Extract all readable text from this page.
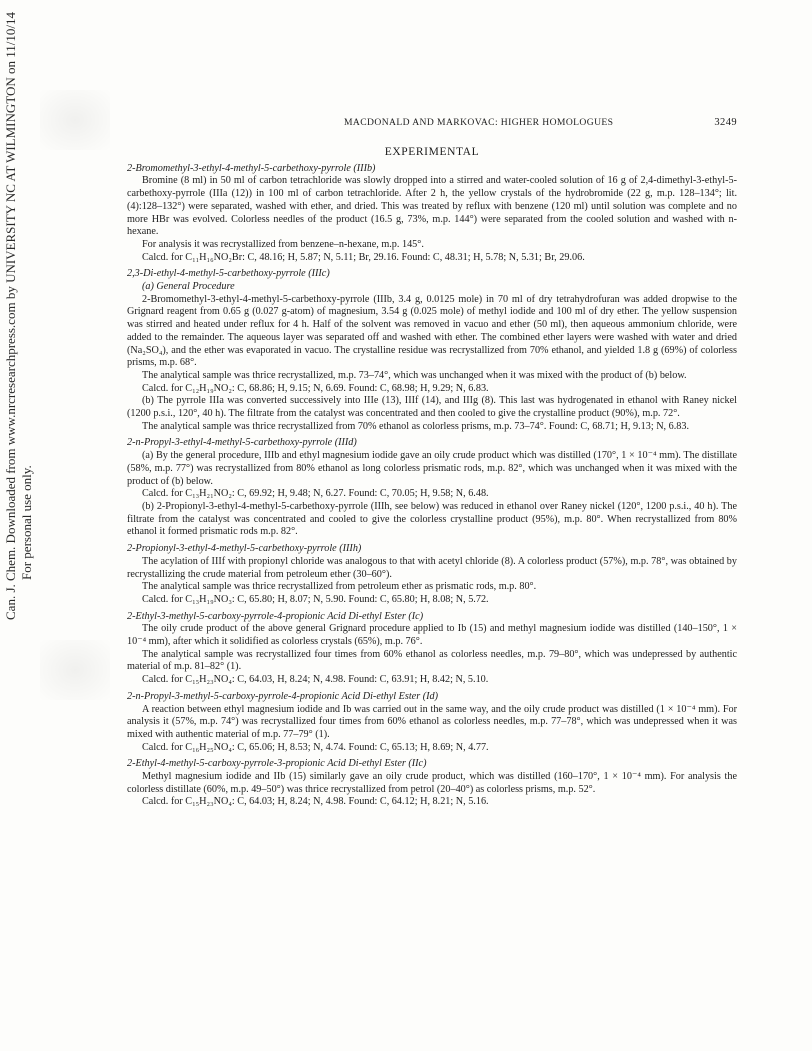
Can. J. Chem. Downloaded from www.nrcresearchpress.com by UNIVERSITY NC AT WILMINGTON on 11/10/14 For personal use only.
MACDONALD AND MARKOVAC: HIGHER HOMOLOGUES	3249
EXPERIMENTAL
2-Bromomethyl-3-ethyl-4-methyl-5-carbethoxy-pyrrole (IIIb)

Bromine (8 ml) in 50 ml of carbon tetrachloride was slowly dropped into a stirred and water-cooled solution of 16 g of 2,4-dimethyl-3-ethyl-5-carbethoxy-pyrrole (IIIa (12)) in 100 ml of carbon tetrachloride. After 2 h, the yellow crystals of the hydrobromide (22 g, m.p. 128–134°; lit. (4):128–132°) were separated, washed with ether, and dried. This was treated by reflux with benzene (120 ml) until solution was complete and no more HBr was evolved. Colorless needles of the product (16.5 g, 73%, m.p. 144°) were separated from the cooled solution and washed with n-hexane.

For analysis it was recrystallized from benzene–n-hexane, m.p. 145°.

Calcd. for C₁₁H₁₆NO₂Br: C, 48.16; H, 5.87; N, 5.11; Br, 29.16. Found: C, 48.31; H, 5.78; N, 5.31; Br, 29.06.

2,3-Di-ethyl-4-methyl-5-carbethoxy-pyrrole (IIIc)

(a) General Procedure

2-Bromomethyl-3-ethyl-4-methyl-5-carbethoxy-pyrrole (IIIb, 3.4 g, 0.0125 mole) in 70 ml of dry tetrahydrofuran was added dropwise to the Grignard reagent from 0.65 g (0.027 g-atom) of magnesium, 3.54 g (0.025 mole) of methyl iodide and 100 ml of dry ether. The yellow suspension was stirred and heated under reflux for 4 h. Half of the solvent was removed in vacuo and ether (50 ml), then aqueous ammonium chloride, were added to the remainder. The aqueous layer was separated off and washed with ether. The combined ether layers were washed with water and dried (Na₂SO₄), and the ether was evaporated in vacuo. The crystalline residue was recrystallized from 70% ethanol, and yielded 1.8 g (69%) of colorless prisms, m.p. 68°.

The analytical sample was thrice recrystallized, m.p. 73–74°, which was unchanged when it was mixed with the product of (b) below.

Calcd. for C₁₂H₁₉NO₂: C, 68.86; H, 9.15; N, 6.69. Found: C, 68.98; H, 9.29; N, 6.83.

(b) The pyrrole IIIa was converted successively into IIIe (13), IIIf (14), and IIIg (8). This last was hydrogenated in ethanol with Raney nickel (1200 p.s.i., 120°, 40 h). The filtrate from the catalyst was concentrated and then cooled to give the crystalline product (90%), m.p. 72°.

The analytical sample was thrice recrystallized from 70% ethanol as colorless prisms, m.p. 73–74°. Found: C, 68.71; H, 9.13; N, 6.83.

2-n-Propyl-3-ethyl-4-methyl-5-carbethoxy-pyrrole (IIId)

(a) By the general procedure, IIIb and ethyl magnesium iodide gave an oily crude product which was distilled (170°, 1 × 10⁻⁴ mm). The distillate (58%, m.p. 77°) was recrystallized from 80% ethanol as long colorless prismatic rods, m.p. 82°, which was unchanged when it was mixed with the product of (b) below.

Calcd. for C₁₃H₂₁NO₂: C, 69.92; H, 9.48; N, 6.27. Found: C, 70.05; H, 9.58; N, 6.48.

(b) 2-Propionyl-3-ethyl-4-methyl-5-carbethoxy-pyrrole (IIIh, see below) was reduced in ethanol over Raney nickel (120°, 1200 p.s.i., 40 h). The filtrate from the catalyst was concentrated and cooled to give the colorless crystalline product (95%), m.p. 80°. When recrystallized from 80% ethanol it formed prismatic rods m.p. 82°.

2-Propionyl-3-ethyl-4-methyl-5-carbethoxy-pyrrole (IIIh)

The acylation of IIIf with propionyl chloride was analogous to that with acetyl chloride (8). A colorless product (57%), m.p. 78°, was obtained by recrystallizing the crude material from petroleum ether (30–60°).

The analytical sample was thrice recrystallized from petroleum ether as prismatic rods, m.p. 80°.

Calcd. for C₁₃H₁₉NO₃: C, 65.80; H, 8.07; N, 5.90. Found: C, 65.80; H, 8.08; N, 5.72.

2-Ethyl-3-methyl-5-carboxy-pyrrole-4-propionic Acid Di-ethyl Ester (Ic)

The oily crude product of the above general Grignard procedure applied to Ib (15) and methyl magnesium iodide was distilled (140–150°, 1 × 10⁻⁴ mm), after which it solidified as colorless crystals (65%), m.p. 76°.

The analytical sample was recrystallized four times from 60% ethanol as colorless needles, m.p. 79–80°, which was undepressed by authentic material of m.p. 81–82° (1).

Calcd. for C₁₅H₂₃NO₄: C, 64.03, H, 8.24; N, 4.98. Found: C, 63.91; H, 8.42; N, 5.10.

2-n-Propyl-3-methyl-5-carboxy-pyrrole-4-propionic Acid Di-ethyl Ester (Id)

A reaction between ethyl magnesium iodide and Ib was carried out in the same way, and the oily crude product was distilled (1 × 10⁻⁴ mm). For analysis it (57%, m.p. 74°) was recrystallized four times from 60% ethanol as colorless needles, m.p. 77–78°, which was undepressed when it was mixed with authentic material of m.p. 77–79° (1).

Calcd. for C₁₆H₂₅NO₄: C, 65.06; H, 8.53; N, 4.74. Found: C, 65.13; H, 8.69; N, 4.77.

2-Ethyl-4-methyl-5-carboxy-pyrrole-3-propionic Acid Di-ethyl Ester (IIc)

Methyl magnesium iodide and IIb (15) similarly gave an oily crude product, which was distilled (160–170°, 1 × 10⁻⁴ mm). For analysis the colorless distillate (60%, m.p. 49–50°) was thrice recrystallized from petrol (20–40°) as colorless prisms, m.p. 52°.

Calcd. for C₁₅H₂₃NO₄: C, 64.03; H, 8.24; N, 4.98. Found: C, 64.12; H, 8.21; N, 5.16.
